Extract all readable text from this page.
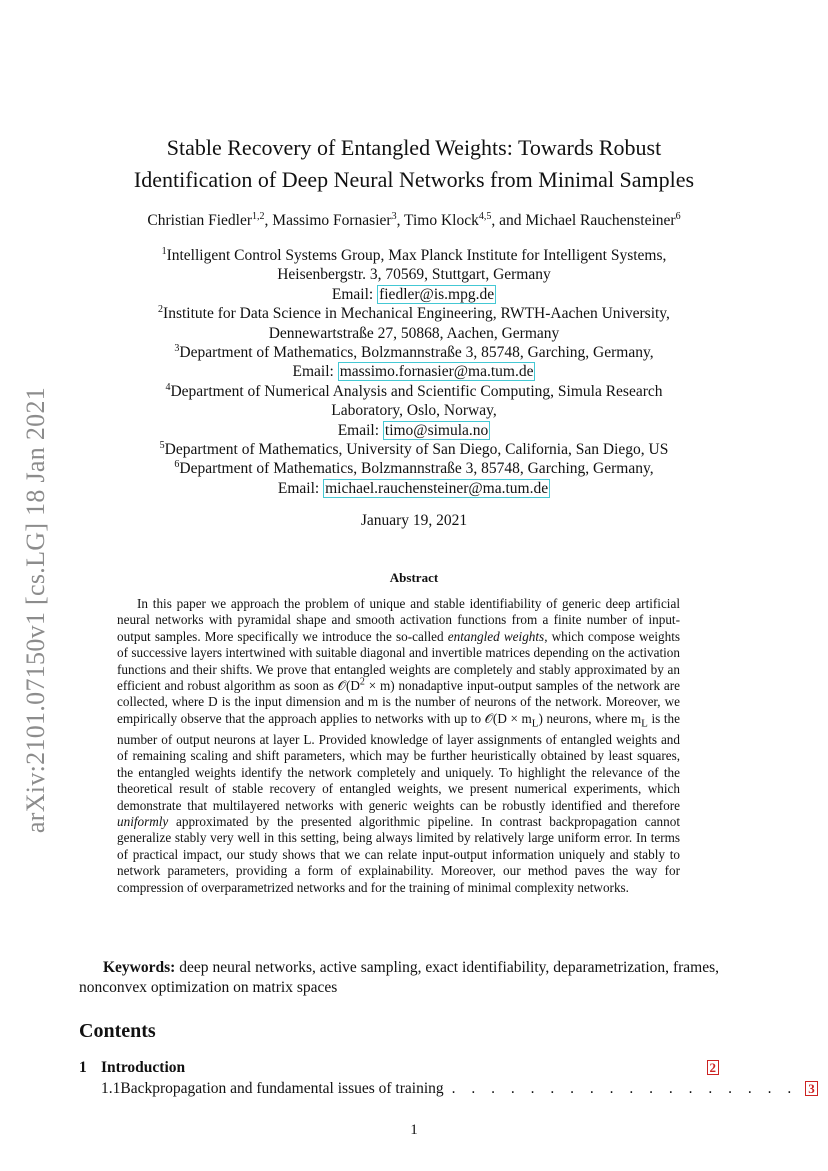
arXiv:2101.07150v1 [cs.LG] 18 Jan 2021
Stable Recovery of Entangled Weights: Towards Robust
Identification of Deep Neural Networks from Minimal Samples
Christian Fiedler$^{1,2}$, Massimo Fornasier$^3$, Timo Klock$^{4,5}$, and Michael Rauchensteiner$^6$
$^1$Intelligent Control Systems Group, Max Planck Institute for Intelligent Systems,
Heisenbergstr. 3, 70569, Stuttgart, Germany
Email: fiedler@is.mpg.de
$^2$Institute for Data Science in Mechanical Engineering, RWTH-Aachen University,
Dennewartstraße 27, 50868, Aachen, Germany
$^3$Department of Mathematics, Bolzmannstraße 3, 85748, Garching, Germany,
Email: massimo.fornasier@ma.tum.de
$^4$Department of Numerical Analysis and Scientific Computing, Simula Research
Laboratory, Oslo, Norway,
Email: timo@simula.no
$^5$Department of Mathematics, University of San Diego, California, San Diego, US
$^6$Department of Mathematics, Bolzmannstraße 3, 85748, Garching, Germany,
Email: michael.rauchensteiner@ma.tum.de
January 19, 2021
Abstract

In this paper we approach the problem of unique and stable identifiability of generic deep artificial neural networks with pyramidal shape and smooth activation functions from a finite number of input-output samples. More specifically we introduce the so-called entangled weights, which compose weights of successive layers intertwined with suitable diagonal and invertible matrices depending on the activation functions and their shifts. We prove that entangled weights are completely and stably approximated by an efficient and robust algorithm as soon as $𝒪(D^2 \times m)$ nonadaptive input-output samples of the network are collected, where D is the input dimension and m is the number of neurons of the network. Moreover, we empirically observe that the approach applies to networks with up to 𝒪(D × $m_L$) neurons, where $m_L$ is the number of output neurons at layer L. Provided knowledge of layer assignments of entangled weights and of remaining scaling and shift parameters, which may be further heuristically obtained by least squares, the entangled weights identify the network completely and uniquely. To highlight the relevance of the theoretical result of stable recovery of entangled weights, we present numerical experiments, which demonstrate that multilayered networks with generic weights can be robustly identified and therefore uniformly approximated by the presented algorithmic pipeline. In contrast backpropagation cannot generalize stably very well in this setting, being always limited by relatively large uniform error. In terms of practical impact, our study shows that we can relate input-output information uniquely and stably to network parameters, providing a form of explainability. Moreover, our method paves the way for compression of overparametrized networks and for the training of minimal complexity networks.

Keywords: deep neural networks, active sampling, exact identifiability, deparametrization, frames, nonconvex optimization on matrix spaces

Contents
1 Introduction	2
1.1 Backpropagation and fundamental issues of training . . . . . . . . . . . . . . . . . . 3
1
